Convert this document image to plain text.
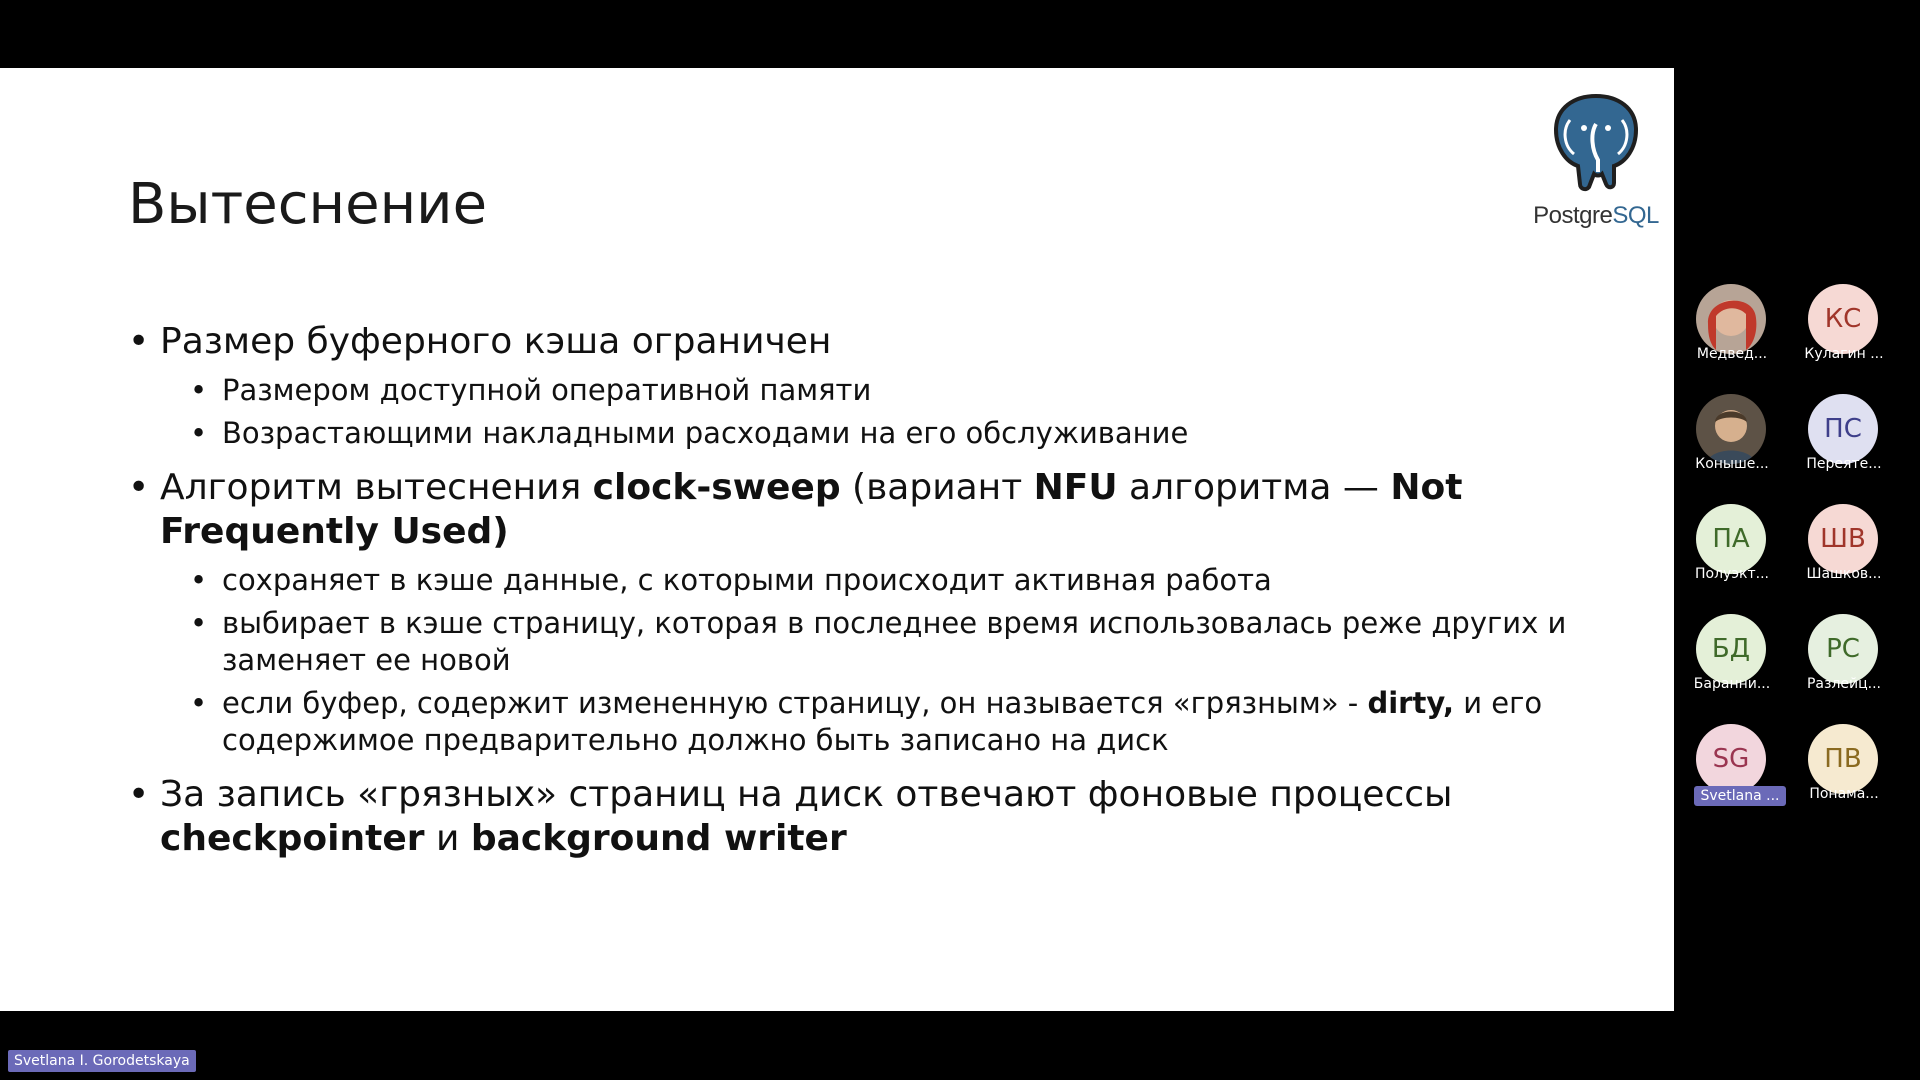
Вытеснение	PostgreSQL
• Размер буферного кэша ограничен
• Размером доступной оперативной памяти
• Возрастающими накладными расходами на его обслуживание
• Алгоритм вытеснения clock-sweep (вариант NFU алгоритма — Not Frequently Used)
• сохраняет в кэше данные, с которыми происходит активная работа
• выбирает в кэше страницу, которая в последнее время использовалась реже других и заменяет ее новой
• если буфер, содержит измененную страницу, он называется «грязным» - dirty, и его содержимое предварительно должно быть записано на диск
• За запись «грязных» страниц на диск отвечают фоновые процессы checkpointer и background writer
Медвед...
КС
Кулагин ...
Коныше...
ПС
Переяте...
ПА
Полуэкт...
ШВ
Шашков...
БД
Баранни...
РС
Разлейц...
SG
Svetlana ...
ПВ
Понама...
Svetlana I. Gorodetskaya
